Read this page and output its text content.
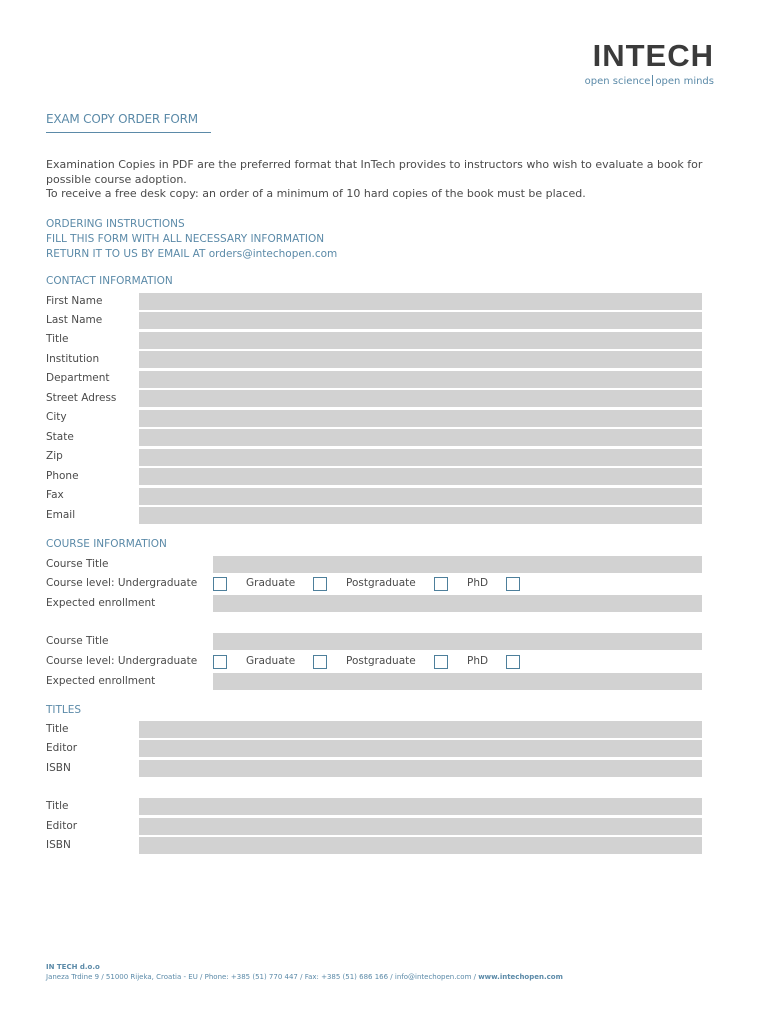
INTECH
open science open minds
EXAM COPY ORDER FORM

Examination Copies in PDF are the preferred format that InTech provides to instructors who wish to evaluate a book for possible course adoption.

To receive a free desk copy: an order of a minimum of 10 hard copies of the book must be placed.

ORDERING INSTRUCTIONS
FILL THIS FORM WITH ALL NECESSARY INFORMATION
RETURN IT TO US BY EMAIL AT orders@intechopen.com
CONTACT INFORMATION
First Name
Last Name
Title
Institution
Department
Street Adress
City
State
Zip
Phone
Fax
Email
COURSE INFORMATION
Course Title
Course level: Undergraduate	Graduate	Postgraduate	PhD
Expected enrollment
Course Title
Course level: Undergraduate	Graduate	Postgraduate	PhD
Expected enrollment
TITLES
Title
Editor
ISBN
Title
Editor
ISBN
IN TECH d.o.o
Janeza Trdine 9 / 51000 Rijeka, Croatia - EU / Phone: +385 (51) 770 447 / Fax: +385 (51) 686 166 / info@intechopen.com / www.intechopen.com
